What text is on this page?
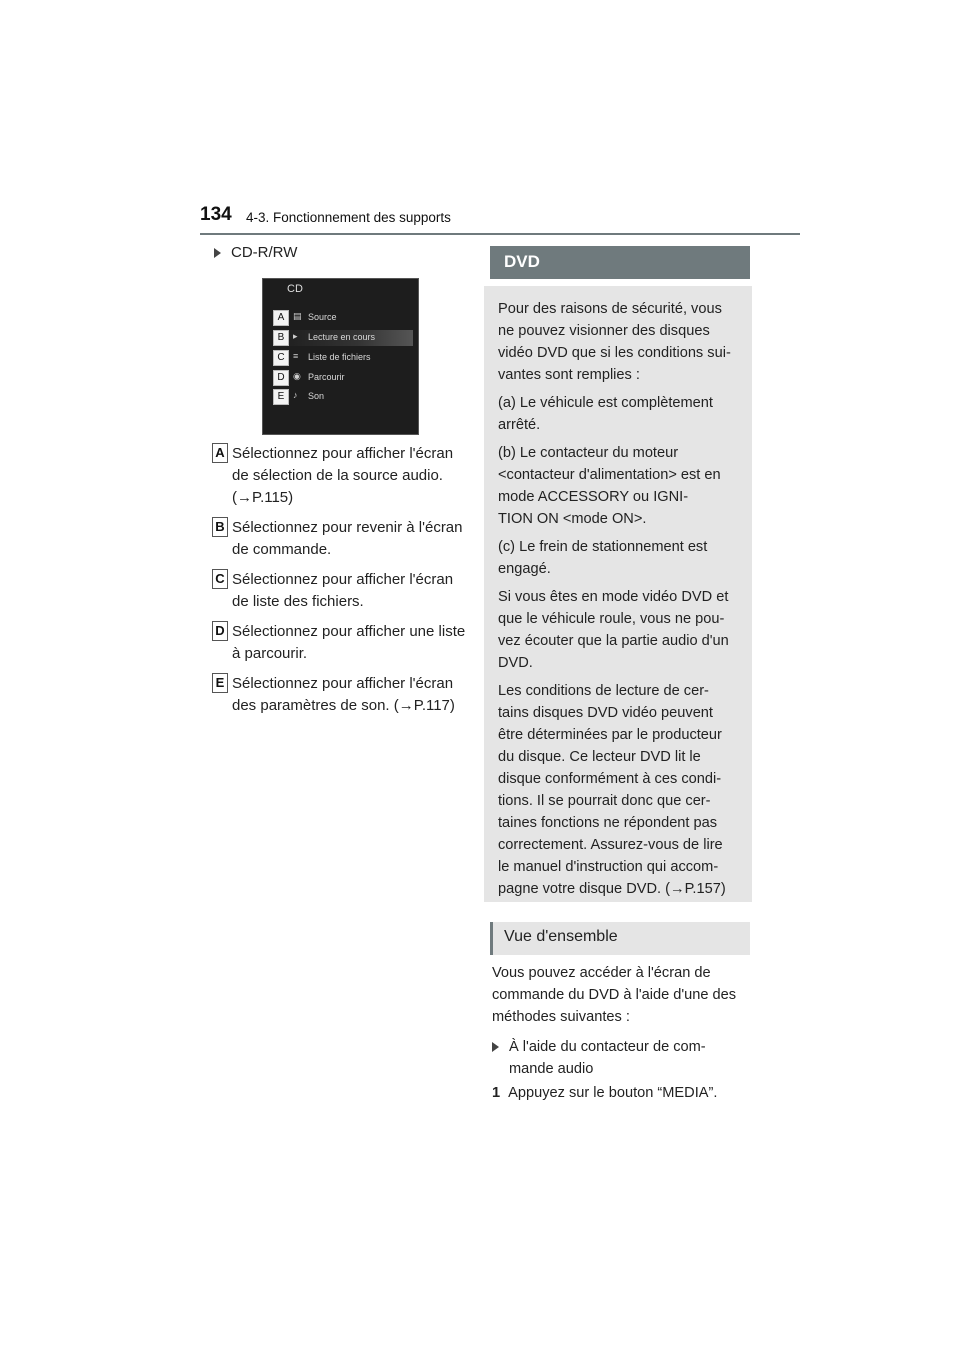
134 4-3. Fonctionnement des supports
CD-R/RW
CD
A ▤ Source
B ▸ Lecture en cours
C ≡ Liste de fichiers
D ◉ Parcourir
E ♪ Son
A Sélectionnez pour afficher l'écran
de sélection de la source audio.
(→P.115)
B Sélectionnez pour revenir à l'écran
de commande.
C Sélectionnez pour afficher l'écran
de liste des fichiers.
D Sélectionnez pour afficher une liste
à parcourir.
E Sélectionnez pour afficher l'écran
des paramètres de son. (→P.117)
DVD

Pour des raisons de sécurité, vous

ne pouvez visionner des disques

vidéo DVD que si les conditions sui-

vantes sont remplies :

(a) Le véhicule est complètement

arrêté.

(b) Le contacteur du moteur

<contacteur d'alimentation> est en

mode ACCESSORY ou IGNI-

TION ON <mode ON>.

(c) Le frein de stationnement est

engagé.

Si vous êtes en mode vidéo DVD et

que le véhicule roule, vous ne pou-

vez écouter que la partie audio d'un

DVD.

Les conditions de lecture de cer-

tains disques DVD vidéo peuvent

être déterminées par le producteur

du disque. Ce lecteur DVD lit le

disque conformément à ces condi-

tions. Il se pourrait donc que cer-

taines fonctions ne répondent pas

correctement. Assurez-vous de lire

le manuel d'instruction qui accom-

pagne votre disque DVD. (→P.157)

Vue d'ensemble
Vous pouvez accéder à l'écran de
commande du DVD à l'aide d'une des
méthodes suivantes :
À l'aide du contacteur de com-
mande audio
1 Appuyez sur le bouton “MEDIA”.
